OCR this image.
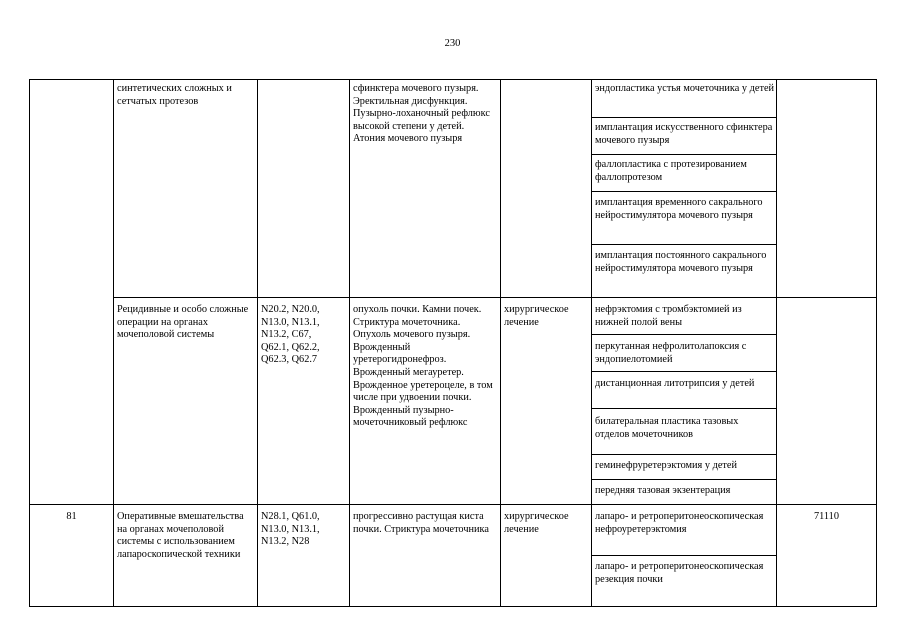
230
синтетических сложных и сетчатых протезов
сфинктера мочевого пузыря. Эректильная дисфункция. Пузырно-лоханочный рефлюкс высокой степени у детей. Атония мочевого пузыря
эндопластика устья мочеточника у детей
имплантация искусственного сфинктера мочевого пузыря
фаллопластика с протезированием фаллопротезом
имплантация временного сакрального нейростимулятора мочевого пузыря
имплантация постоянного сакрального нейростимулятора мочевого пузыря
Рецидивные и особо сложные операции на органах мочеполовой системы
N20.2, N20.0, N13.0, N13.1, N13.2, C67, Q62.1, Q62.2, Q62.3, Q62.7
опухоль почки. Камни почек. Стриктура мочеточника. Опухоль мочевого пузыря. Врожденный уретерогидронефроз. Врожденный мегауретер. Врожденное уретероцеле, в том числе при удвоении почки. Врожденный пузырно-мочеточниковый рефлюкс
хирургическое лечение
нефрэктомия с тромбэктомией из нижней полой вены
перкутанная нефролитолапоксия с эндопиелотомией
дистанционная литотрипсия у детей
билатеральная пластика тазовых отделов мочеточников
геминефруретерэктомия у детей
передняя тазовая экзентерация
81	Оперативные вмешательства на органах мочеполовой системы с использованием лапароскопической техники
N28.1, Q61.0, N13.0, N13.1, N13.2, N28
прогрессивно растущая киста почки. Стриктура мочеточника
хирургическое лечение
лапаро- и ретроперитонеоскопическая нефроуретерэктомия
лапаро- и ретроперитонеоскопическая резекция почки
71110
